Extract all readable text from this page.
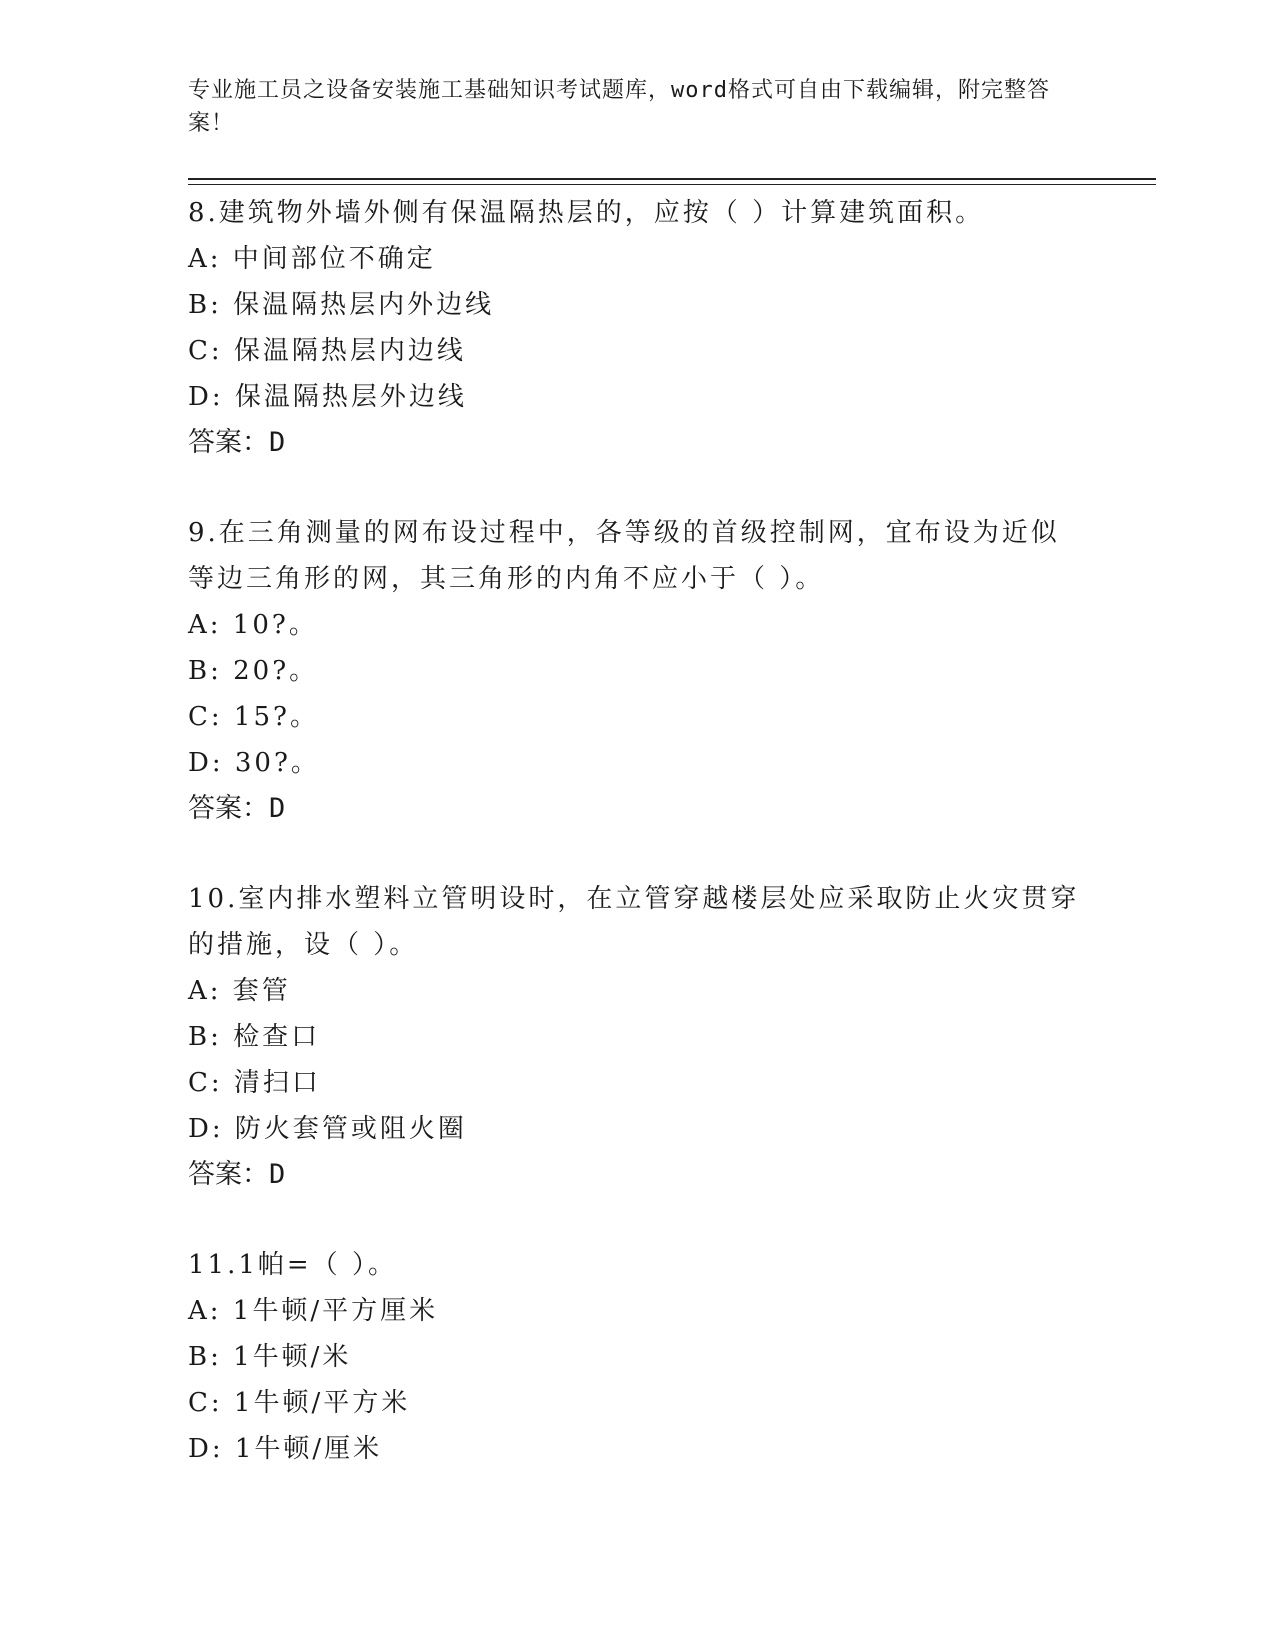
专业施工员之设备安装施工基础知识考试题库，word格式可自由下载编辑，附完整答案！
8.建筑物外墙外侧有保温隔热层的，应按（ ）计算建筑面积。
A: 中间部位不确定
B: 保温隔热层内外边线
C: 保温隔热层内边线
D: 保温隔热层外边线
答案：D
9.在三角测量的网布设过程中，各等级的首级控制网，宜布设为近似等边三角形的网，其三角形的内角不应小于（ ）。
A: 10?。
B: 20?。
C: 15?。
D: 30?。
答案：D
10.室内排水塑料立管明设时，在立管穿越楼层处应采取防止火灾贯穿的措施，设（ ）。
A: 套管
B: 检查口
C: 清扫口
D: 防火套管或阻火圈
答案：D
11.1帕=（ ）。
A: 1牛顿/平方厘米
B: 1牛顿/米
C: 1牛顿/平方米
D: 1牛顿/厘米
